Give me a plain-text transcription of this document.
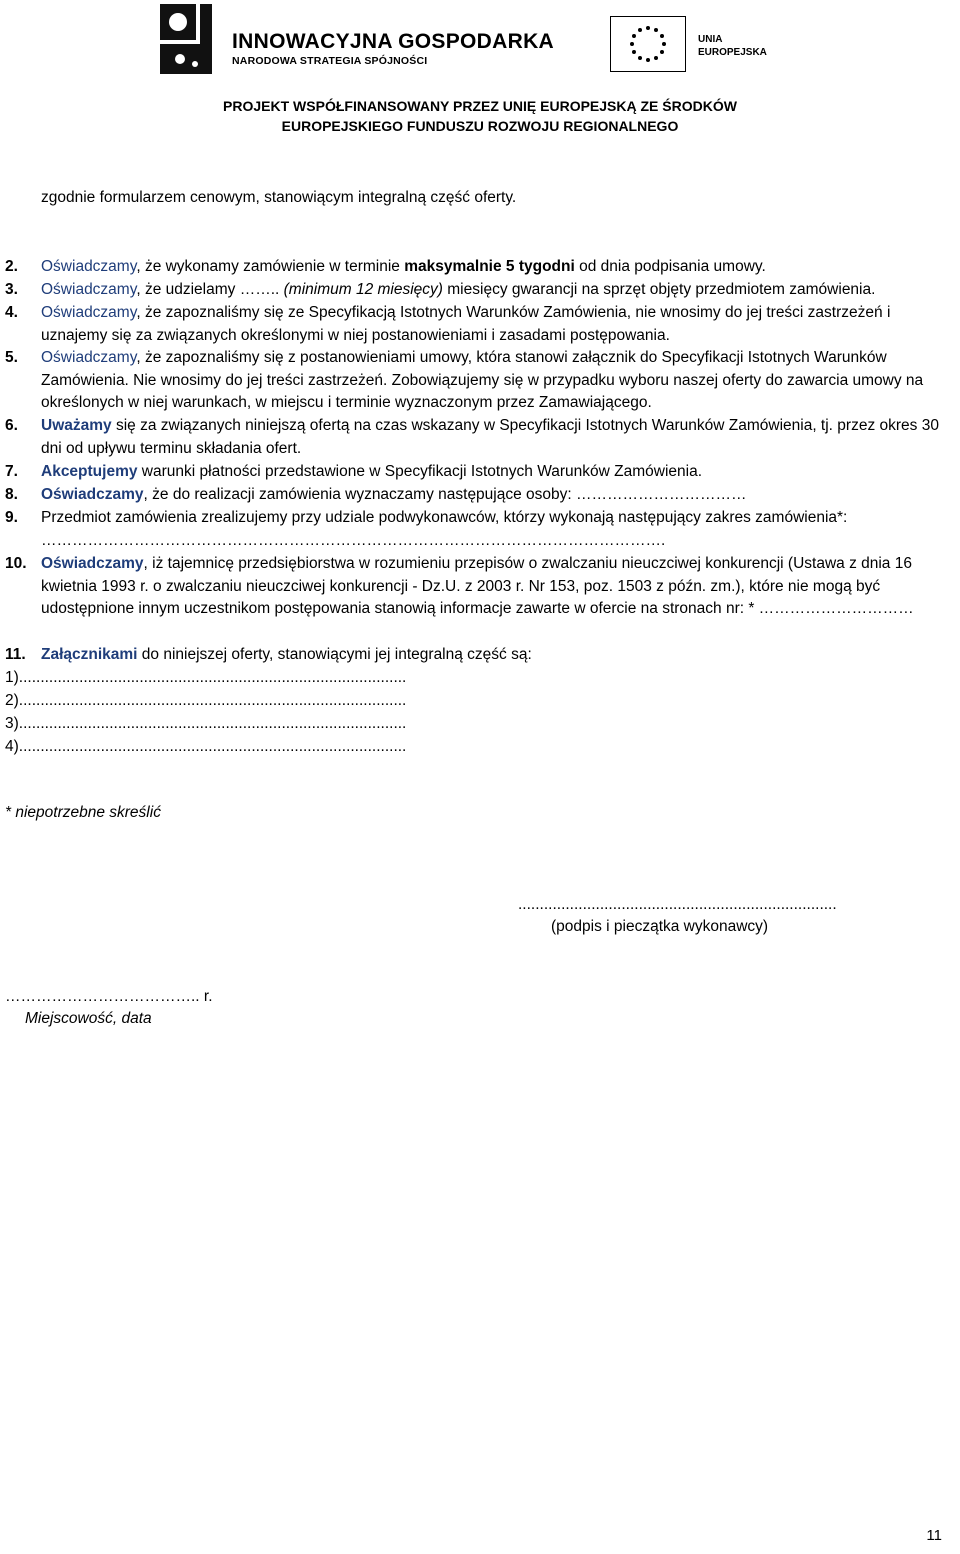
INNOWACYJNA GOSPODARKA
NARODOWA STRATEGIA SPÓJNOŚCI
UNIA
EUROPEJSKA
PROJEKT WSPÓŁFINANSOWANY PRZEZ UNIĘ EUROPEJSKĄ ZE ŚRODKÓW
EUROPEJSKIEGO FUNDUSZU ROZWOJU REGIONALNEGO
zgodnie formularzem cenowym, stanowiącym integralną część oferty.
2. Oświadczamy, że wykonamy zamówienie w terminie maksymalnie 5 tygodni od dnia podpisania umowy.
3. Oświadczamy, że udzielamy …….. (minimum 12 miesięcy) miesięcy gwarancji na sprzęt objęty przedmiotem zamówienia.
4. Oświadczamy, że zapoznaliśmy się ze Specyfikacją Istotnych Warunków Zamówienia, nie wnosimy do jej treści zastrzeżeń i uznajemy się za związanych określonymi w niej postanowieniami i zasadami postępowania.
5. Oświadczamy, że zapoznaliśmy się z postanowieniami umowy, która stanowi załącznik do Specyfikacji Istotnych Warunków Zamówienia. Nie wnosimy do jej treści zastrzeżeń. Zobowiązujemy się w przypadku wyboru naszej oferty do zawarcia umowy na określonych w niej warunkach, w miejscu i terminie wyznaczonym przez Zamawiającego.
6. Uważamy się za związanych niniejszą ofertą na czas wskazany w Specyfikacji Istotnych Warunków Zamówienia, tj. przez okres 30 dni od upływu terminu składania ofert.
7. Akceptujemy warunki płatności przedstawione w Specyfikacji Istotnych Warunków Zamówienia.
8. Oświadczamy, że do realizacji zamówienia wyznaczamy następujące osoby: ……………………………
9. Przedmiot zamówienia zrealizujemy przy udziale podwykonawców, którzy wykonają następujący zakres zamówienia*: ………………………………………………………………………………………………………….
10. Oświadczamy, iż tajemnicę przedsiębiorstwa w rozumieniu przepisów o zwalczaniu nieuczciwej konkurencji (Ustawa z dnia 16 kwietnia 1993 r. o zwalczaniu nieuczciwej konkurencji - Dz.U. z 2003 r. Nr 153, poz. 1503 z późn. zm.), które nie mogą być udostępnione innym uczestnikom postępowania stanowią informacje zawarte w ofercie na stronach nr: * …………………………
11. Załącznikami do niniejszej oferty, stanowiącymi jej integralną część są:
1)..........................................................................................
2)..........................................................................................
3)..........................................................................................
4)..........................................................................................
* niepotrzebne skreślić
..........................................................................
(podpis i pieczątka wykonawcy)
……………………………….. r.
Miejscowość, data
11
